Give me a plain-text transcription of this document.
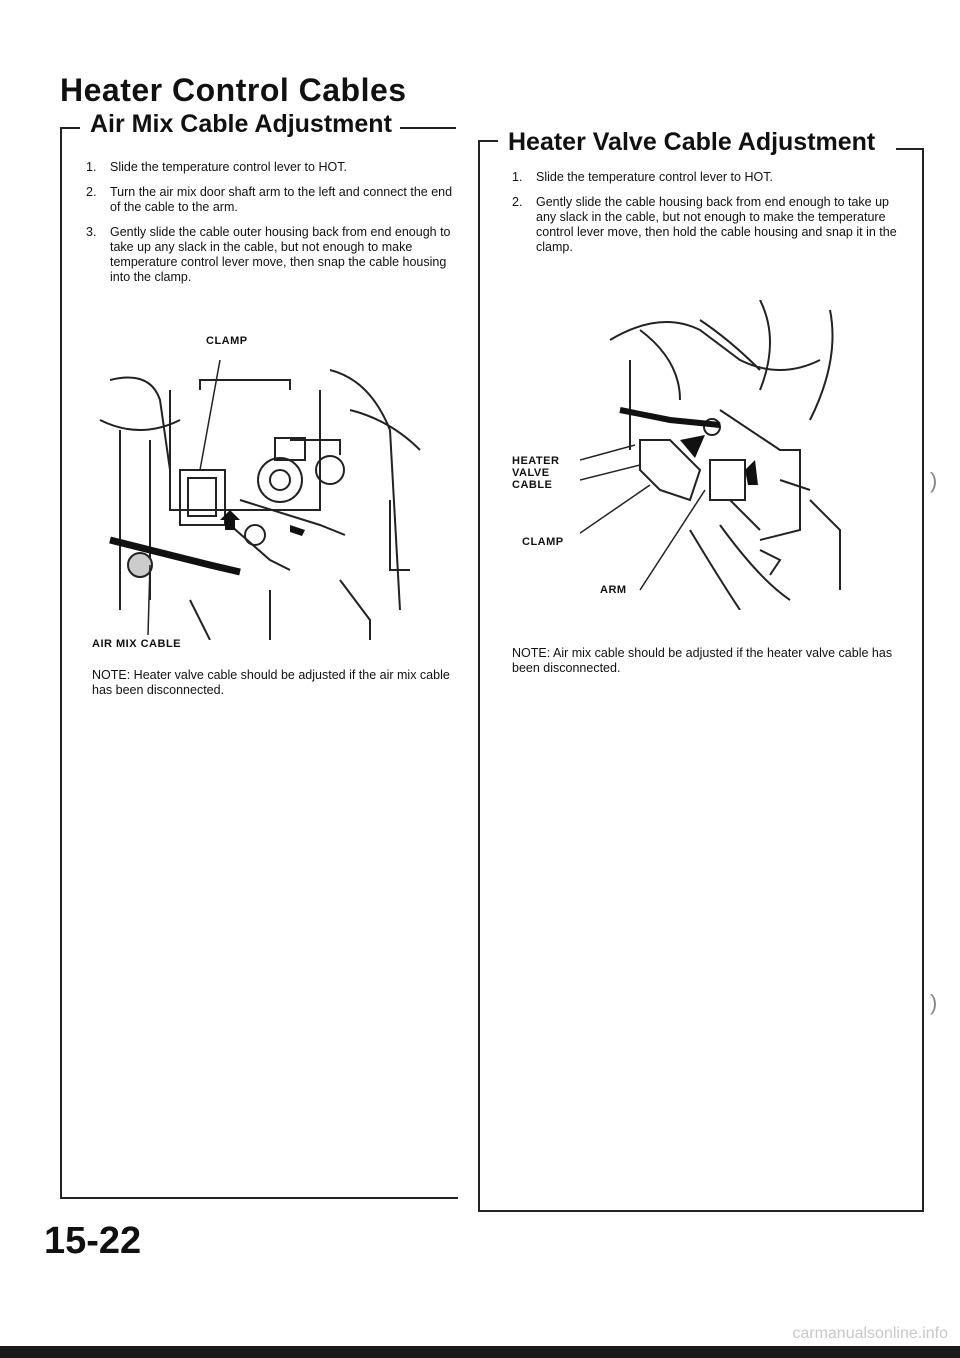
Heater Control Cables
Air Mix Cable Adjustment
1. Slide the temperature control lever to HOT.
2. Turn the air mix door shaft arm to the left and connect the end of the cable to the arm.
3. Gently slide the cable outer housing back from end enough to take up any slack in the cable, but not enough to make temperature control lever move, then snap the cable housing into the clamp.
CLAMP
AIR MIX CABLE

NOTE: Heater valve cable should be adjusted if the air mix cable has been disconnected.

Heater Valve Cable Adjustment
1. Slide the temperature control lever to HOT.
2. Gently slide the cable housing back from end enough to take up any slack in the cable, but not enough to make the temperature control lever move, then hold the cable housing and snap it in the clamp.
HEATER VALVE CABLE
CLAMP
ARM

NOTE: Air mix cable should be adjusted if the heater valve cable has been disconnected.

)
)
15-22
carmanualsonline.info
